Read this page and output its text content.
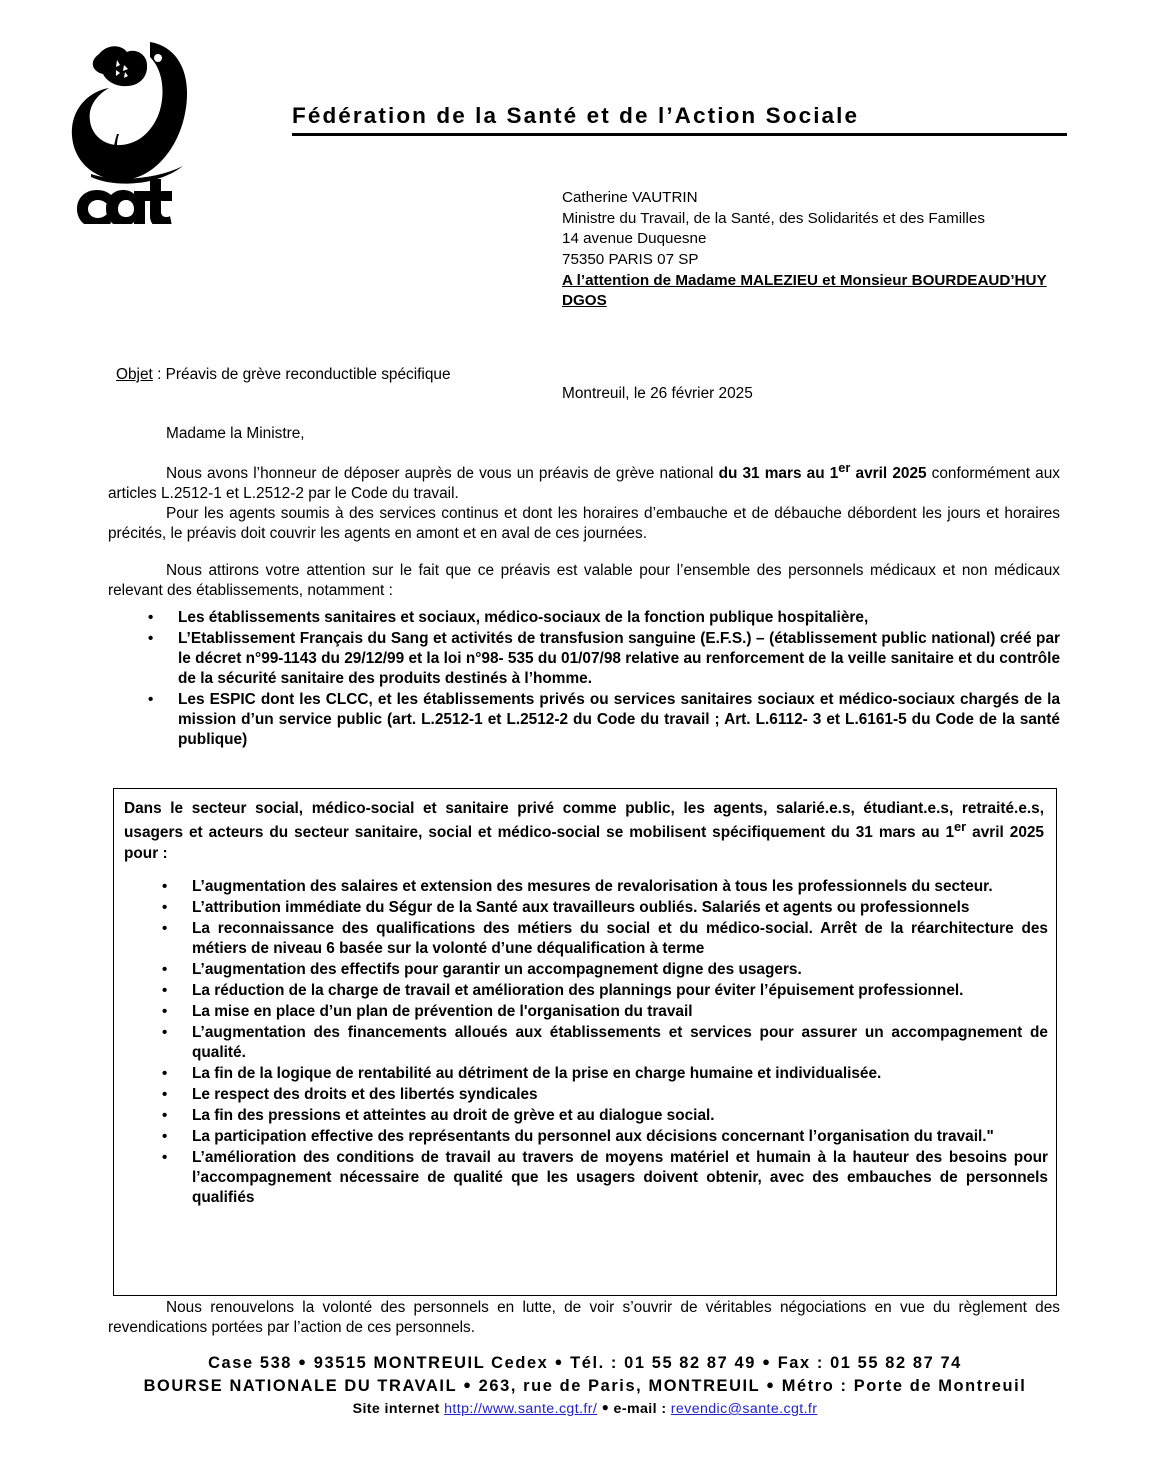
Fédération de la Santé et de l’Action Sociale
Catherine VAUTRIN
Ministre du Travail, de la Santé, des Solidarités et des Familles
14 avenue Duquesne
75350 PARIS 07 SP
A l’attention de Madame MALEZIEU et Monsieur BOURDEAUD’HUY
DGOS
Objet : Préavis de grève reconductible spécifique
Montreuil, le 26 février 2025
Madame la Ministre,

Nous avons l’honneur de déposer auprès de vous un préavis de grève national du 31 mars au 1er avril 2025 conformément aux articles L.2512-1 et L.2512-2 par le Code du travail.

Pour les agents soumis à des services continus et dont les horaires d’embauche et de débauche débordent les jours et horaires précités, le préavis doit couvrir les agents en amont et en aval de ces journées.

Nous attirons votre attention sur le fait que ce préavis est valable pour l’ensemble des personnels médicaux et non médicaux relevant des établissements, notamment :

• Les établissements sanitaires et sociaux, médico-sociaux de la fonction publique hospitalière,
• L’Etablissement Français du Sang et activités de transfusion sanguine (E.F.S.) – (établissement public national) créé par le décret n°99-1143 du 29/12/99 et la loi n°98- 535 du 01/07/98 relative au renforcement de la veille sanitaire et du contrôle de la sécurité sanitaire des produits destinés à l’homme.
• Les ESPIC dont les CLCC, et les établissements privés ou services sanitaires sociaux et médico-sociaux chargés de la mission d’un service public (art. L.2512-1 et L.2512-2 du Code du travail ; Art. L.6112- 3 et L.6161-5 du Code de la santé publique)
Dans le secteur social, médico-social et sanitaire privé comme public, les agents, salarié.e.s, étudiant.e.s, retraité.e.s, usagers et acteurs du secteur sanitaire, social et médico-social se mobilisent spécifiquement du 31 mars au 1er avril 2025 pour :
• L’augmentation des salaires et extension des mesures de revalorisation à tous les professionnels du secteur.
• L’attribution immédiate du Ségur de la Santé aux travailleurs oubliés. Salariés et agents ou professionnels
• La reconnaissance des qualifications des métiers du social et du médico-social. Arrêt de la réarchitecture des métiers de niveau 6 basée sur la volonté d’une déqualification à terme
• L’augmentation des effectifs pour garantir un accompagnement digne des usagers.
• La réduction de la charge de travail et amélioration des plannings pour éviter l’épuisement professionnel.
• La mise en place d’un plan de prévention de l'organisation du travail
• L’augmentation des financements alloués aux établissements et services pour assurer un accompagnement de qualité.
• La fin de la logique de rentabilité au détriment de la prise en charge humaine et individualisée.
• Le respect des droits et des libertés syndicales
• La fin des pressions et atteintes au droit de grève et au dialogue social.
• La participation effective des représentants du personnel aux décisions concernant l’organisation du travail."
• L’amélioration des conditions de travail au travers de moyens matériel et humain à la hauteur des besoins pour l’accompagnement nécessaire de qualité que les usagers doivent obtenir, avec des embauches de personnels qualifiés

Nous renouvelons la volonté des personnels en lutte, de voir s’ouvrir de véritables négociations en vue du règlement des revendications portées par l’action de ces personnels.

Case 538 ● 93515 MONTREUIL Cedex ● Tél. : 01 55 82 87 49 ● Fax : 01 55 82 87 74
BOURSE NATIONALE DU TRAVAIL ● 263, rue de Paris, MONTREUIL ● Métro : Porte de Montreuil
Site internet http://www.sante.cgt.fr/ ● e-mail : revendic@sante.cgt.fr
